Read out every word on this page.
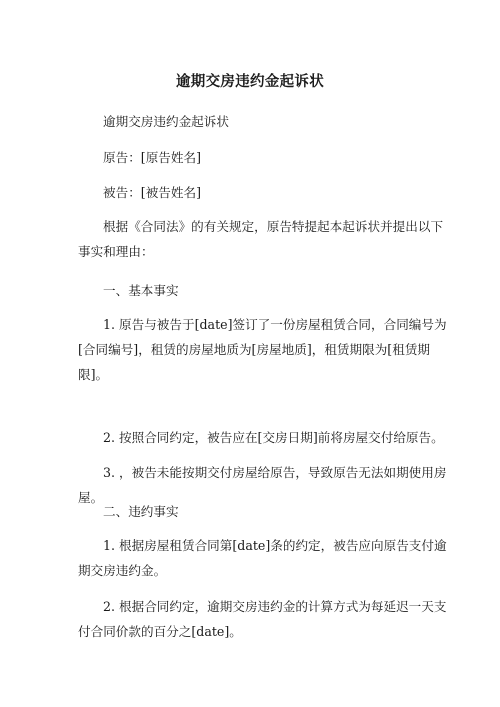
逾期交房违约金起诉状
逾期交房违约金起诉状
原告：[原告姓名]
被告：[被告姓名]
根据《合同法》的有关规定，原告特提起本起诉状并提出以下
事实和理由：
一、基本事实
1. 原告与被告于[date]签订了一份房屋租赁合同，合同编号为
[合同编号]，租赁的房屋地质为[房屋地质]，租赁期限为[租赁期
限]。
2. 按照合同约定，被告应在[交房日期]前将房屋交付给原告。
3. ，被告未能按期交付房屋给原告，导致原告无法如期使用房
屋。
二、违约事实
1. 根据房屋租赁合同第[date]条的约定，被告应向原告支付逾
期交房违约金。
2. 根据合同约定，逾期交房违约金的计算方式为每延迟一天支
付合同价款的百分之[date]。
